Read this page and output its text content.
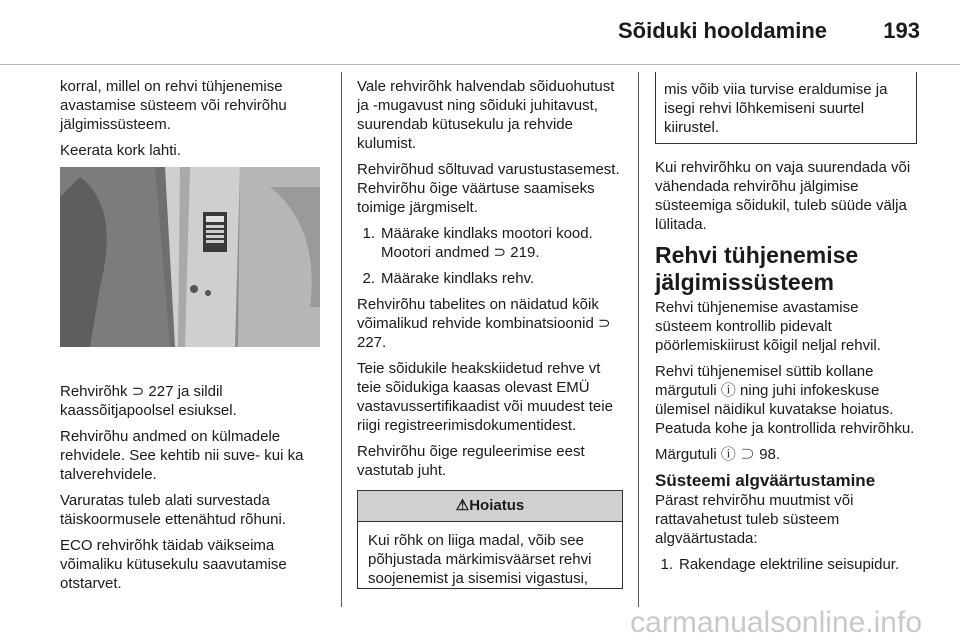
Sõiduki hooldamine	193

korral, millel on rehvi tühjenemise avastamise süsteem või rehvirõhu jälgimissüsteem.

Keerata kork lahti.

Rehvirõhk ⊃ 227 ja sildil kaassõitjapoolsel esiuksel.

Rehvirõhu andmed on külmadele rehvidele. See kehtib nii suve- kui ka talverehvidele.

Varuratas tuleb alati survestada täiskoormusele ettenähtud rõhuni.

ECO rehvirõhk täidab väikseima võimaliku kütusekulu saavutamise otstarvet.

Vale rehvirõhk halvendab sõiduohutust ja -mugavust ning sõiduki juhitavust, suurendab kütusekulu ja rehvide kulumist.

Rehvirõhud sõltuvad varustustasemest. Rehvirõhu õige väärtuse saamiseks toimige järgmiselt.

1. Määrake kindlaks mootori kood. Mootori andmed ⊃ 219.
2. Määrake kindlaks rehv.

Rehvirõhu tabelites on näidatud kõik võimalikud rehvide kombinatsioonid ⊃ 227.

Teie sõidukile heakskiidetud rehve vt teie sõidukiga kaasas olevast EMÜ vastavussertifikaadist või muudest teie riigi registreerimisdokumentidest.

Rehvirõhu õige reguleerimise eest vastutab juht.

⚠Hoiatus
Kui rõhk on liiga madal, võib see põhjustada märkimisväärset rehvi soojenemist ja sisemisi vigastusi,
mis võib viia turvise eraldumise ja isegi rehvi lõhkemiseni suurtel kiirustel.

Kui rehvirõhku on vaja suurendada või vähendada rehvirõhu jälgimise süsteemiga sõidukil, tuleb süüde välja lülitada.

Rehvi tühjenemise jälgimissüsteem

Rehvi tühjenemise avastamise süsteem kontrollib pidevalt pöörlemiskiirust kõigil neljal rehvil.

Rehvi tühjenemisel süttib kollane märgutuli ⓘ ning juhi infokeskuse ülemisel näidikul kuvatakse hoiatus. Peatuda kohe ja kontrollida rehvirõhku.

Märgutuli ⓘ ⊃ 98.

Süsteemi algväärtustamine

Pärast rehvirõhu muutmist või rattavahetust tuleb süsteem algväärtustada:

1. Rakendage elektriline seisupidur.
carmanualsonline.info
